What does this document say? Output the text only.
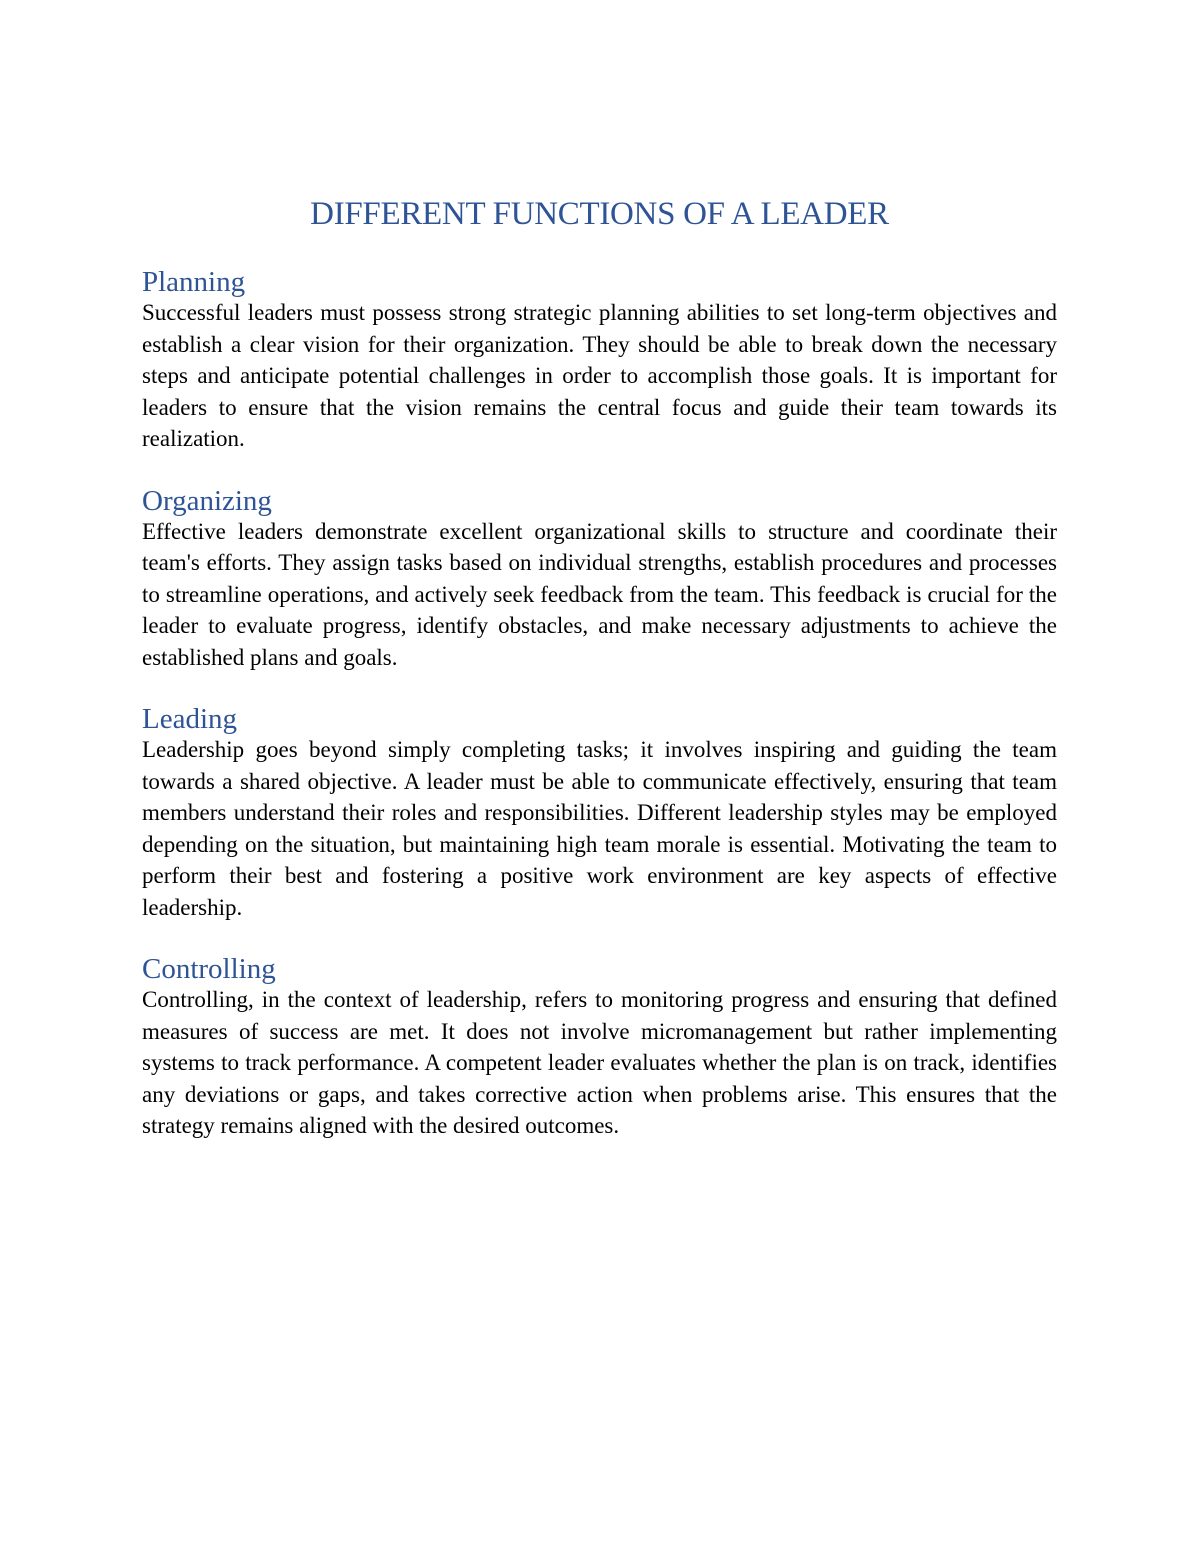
DIFFERENT FUNCTIONS OF A LEADER
Planning

Successful leaders must possess strong strategic planning abilities to set long-term objectives and establish a clear vision for their organization. They should be able to break down the necessary steps and anticipate potential challenges in order to accomplish those goals. It is important for leaders to ensure that the vision remains the central focus and guide their team towards its realization.

Organizing

Effective leaders demonstrate excellent organizational skills to structure and coordinate their team's efforts. They assign tasks based on individual strengths, establish procedures and processes to streamline operations, and actively seek feedback from the team. This feedback is crucial for the leader to evaluate progress, identify obstacles, and make necessary adjustments to achieve the established plans and goals.

Leading

Leadership goes beyond simply completing tasks; it involves inspiring and guiding the team towards a shared objective. A leader must be able to communicate effectively, ensuring that team members understand their roles and responsibilities. Different leadership styles may be employed depending on the situation, but maintaining high team morale is essential. Motivating the team to perform their best and fostering a positive work environment are key aspects of effective leadership.

Controlling

Controlling, in the context of leadership, refers to monitoring progress and ensuring that defined measures of success are met. It does not involve micromanagement but rather implementing systems to track performance. A competent leader evaluates whether the plan is on track, identifies any deviations or gaps, and takes corrective action when problems arise. This ensures that the strategy remains aligned with the desired outcomes.
